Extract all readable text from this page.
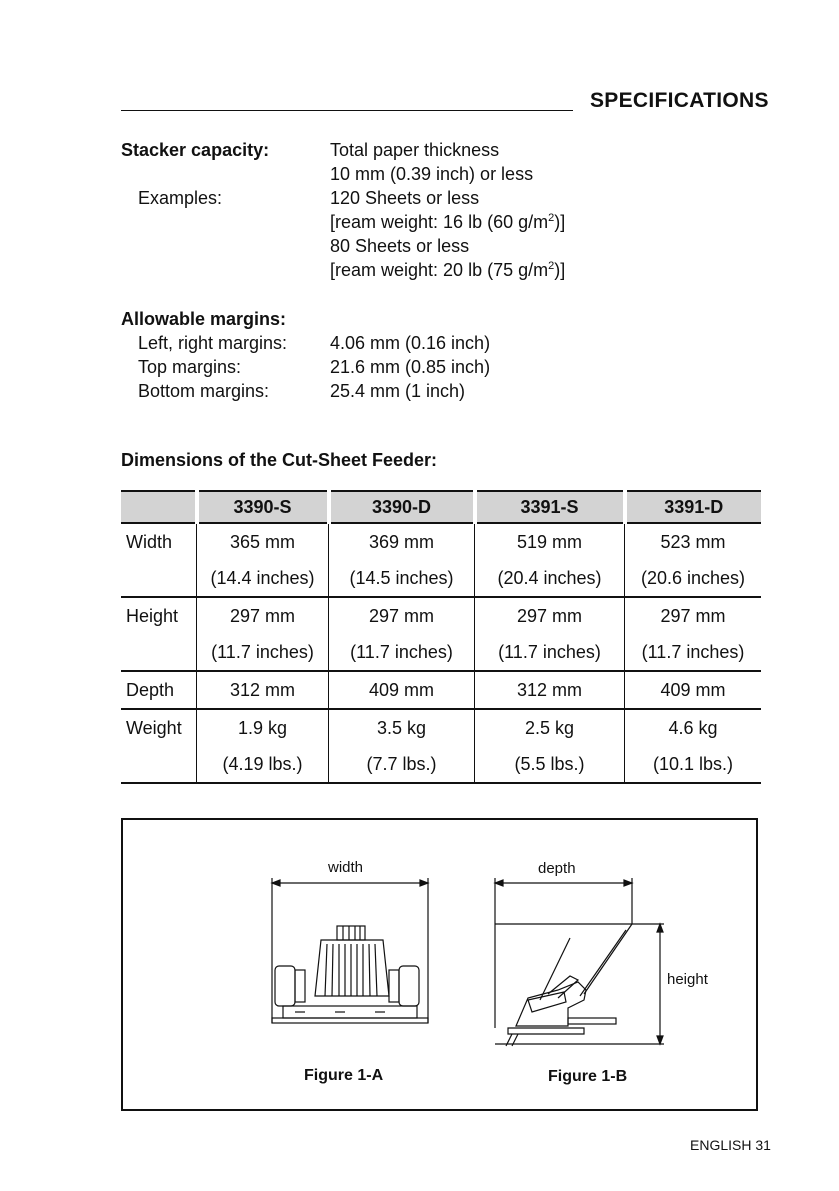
SPECIFICATIONS
Stacker capacity:	Total paper thickness
10 mm (0.39 inch) or less
Examples:	120 Sheets or less
[ream weight: 16 lb (60 $g/m^2$)]
80 Sheets or less
[ream weight: 20 lb (75 $g/m^2$)]
Allowable margins:
Left, right margins: 4.06 mm (0.16 inch)
Top margins:	21.6 mm (0.85 inch)
Bottom margins:	25.4 mm (1 inch)
Dimensions of the Cut-Sheet Feeder:
	3390-S	3390-D	3391-S	3391-D
Width	365 mm	369 mm	519 mm	523 mm
	(14.4 inches)	(14.5 inches)	(20.4 inches)	(20.6 inches)
Height	297 mm	297 mm	297 mm	297 mm
	(11.7 inches)	(11.7 inches)	(11.7 inches)	(11.7 inches)
Depth	312 mm	409 mm	312 mm	409 mm
Weight	1.9 kg	3.5 kg	2.5 kg	4.6 kg
	(4.19 lbs.)	(7.7 lbs.)	(5.5 lbs.)	(10.1 lbs.)
width
Figure 1-A
depth
height
Figure 1-B
ENGLISH 31
